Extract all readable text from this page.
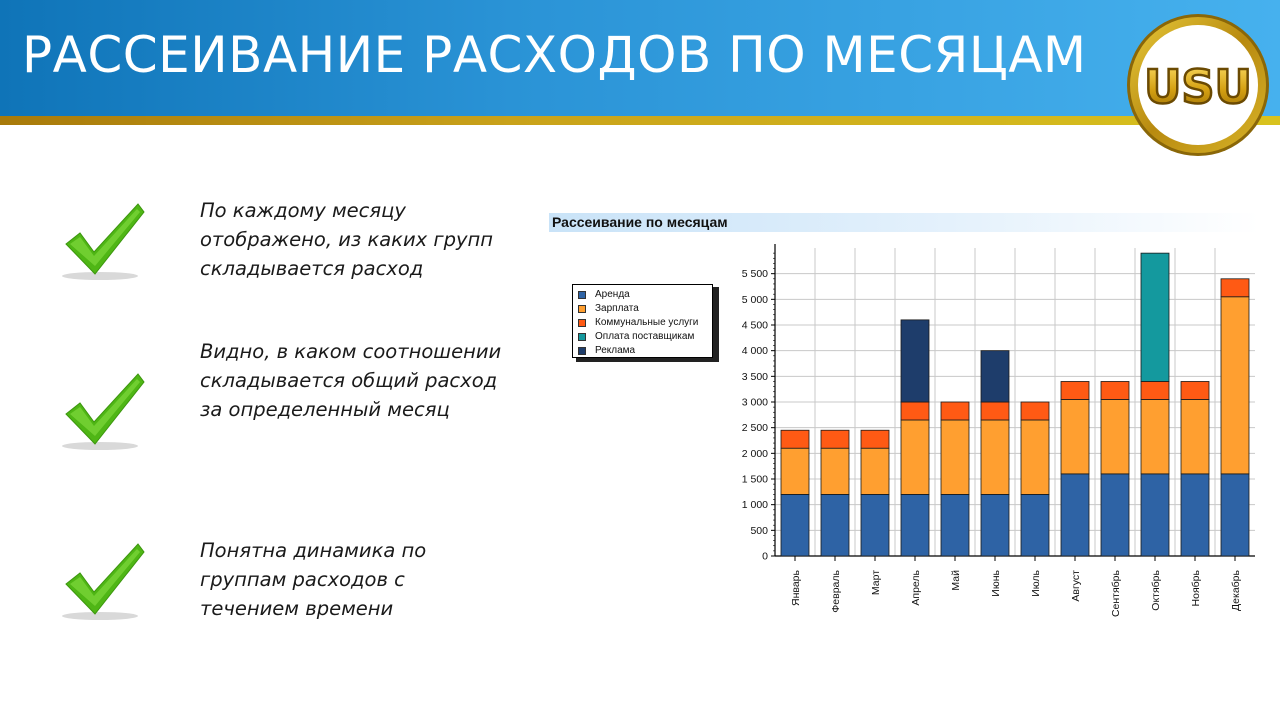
РАССЕИВАНИЕ РАСХОДОВ ПО МЕСЯЦАМ
USU

По каждому месяцу отображено, из каких групп складывается расход

Видно, в каком соотношении складывается общий расход за определенный месяц

Понятна динамика по группам расходов с течением времени

Рассеивание по месяцам
Аренда
Зарплата
Коммунальные услуги
Оплата поставщикам
Реклама
0
500
1 000
1 500
2 000
2 500
3 000
3 500
4 000
4 500
5 000
5 500
Январь	Февраль	Март	Апрель	Май	Июнь	Июль	Август	Сентябрь	Октябрь	Ноябрь	Декабрь
